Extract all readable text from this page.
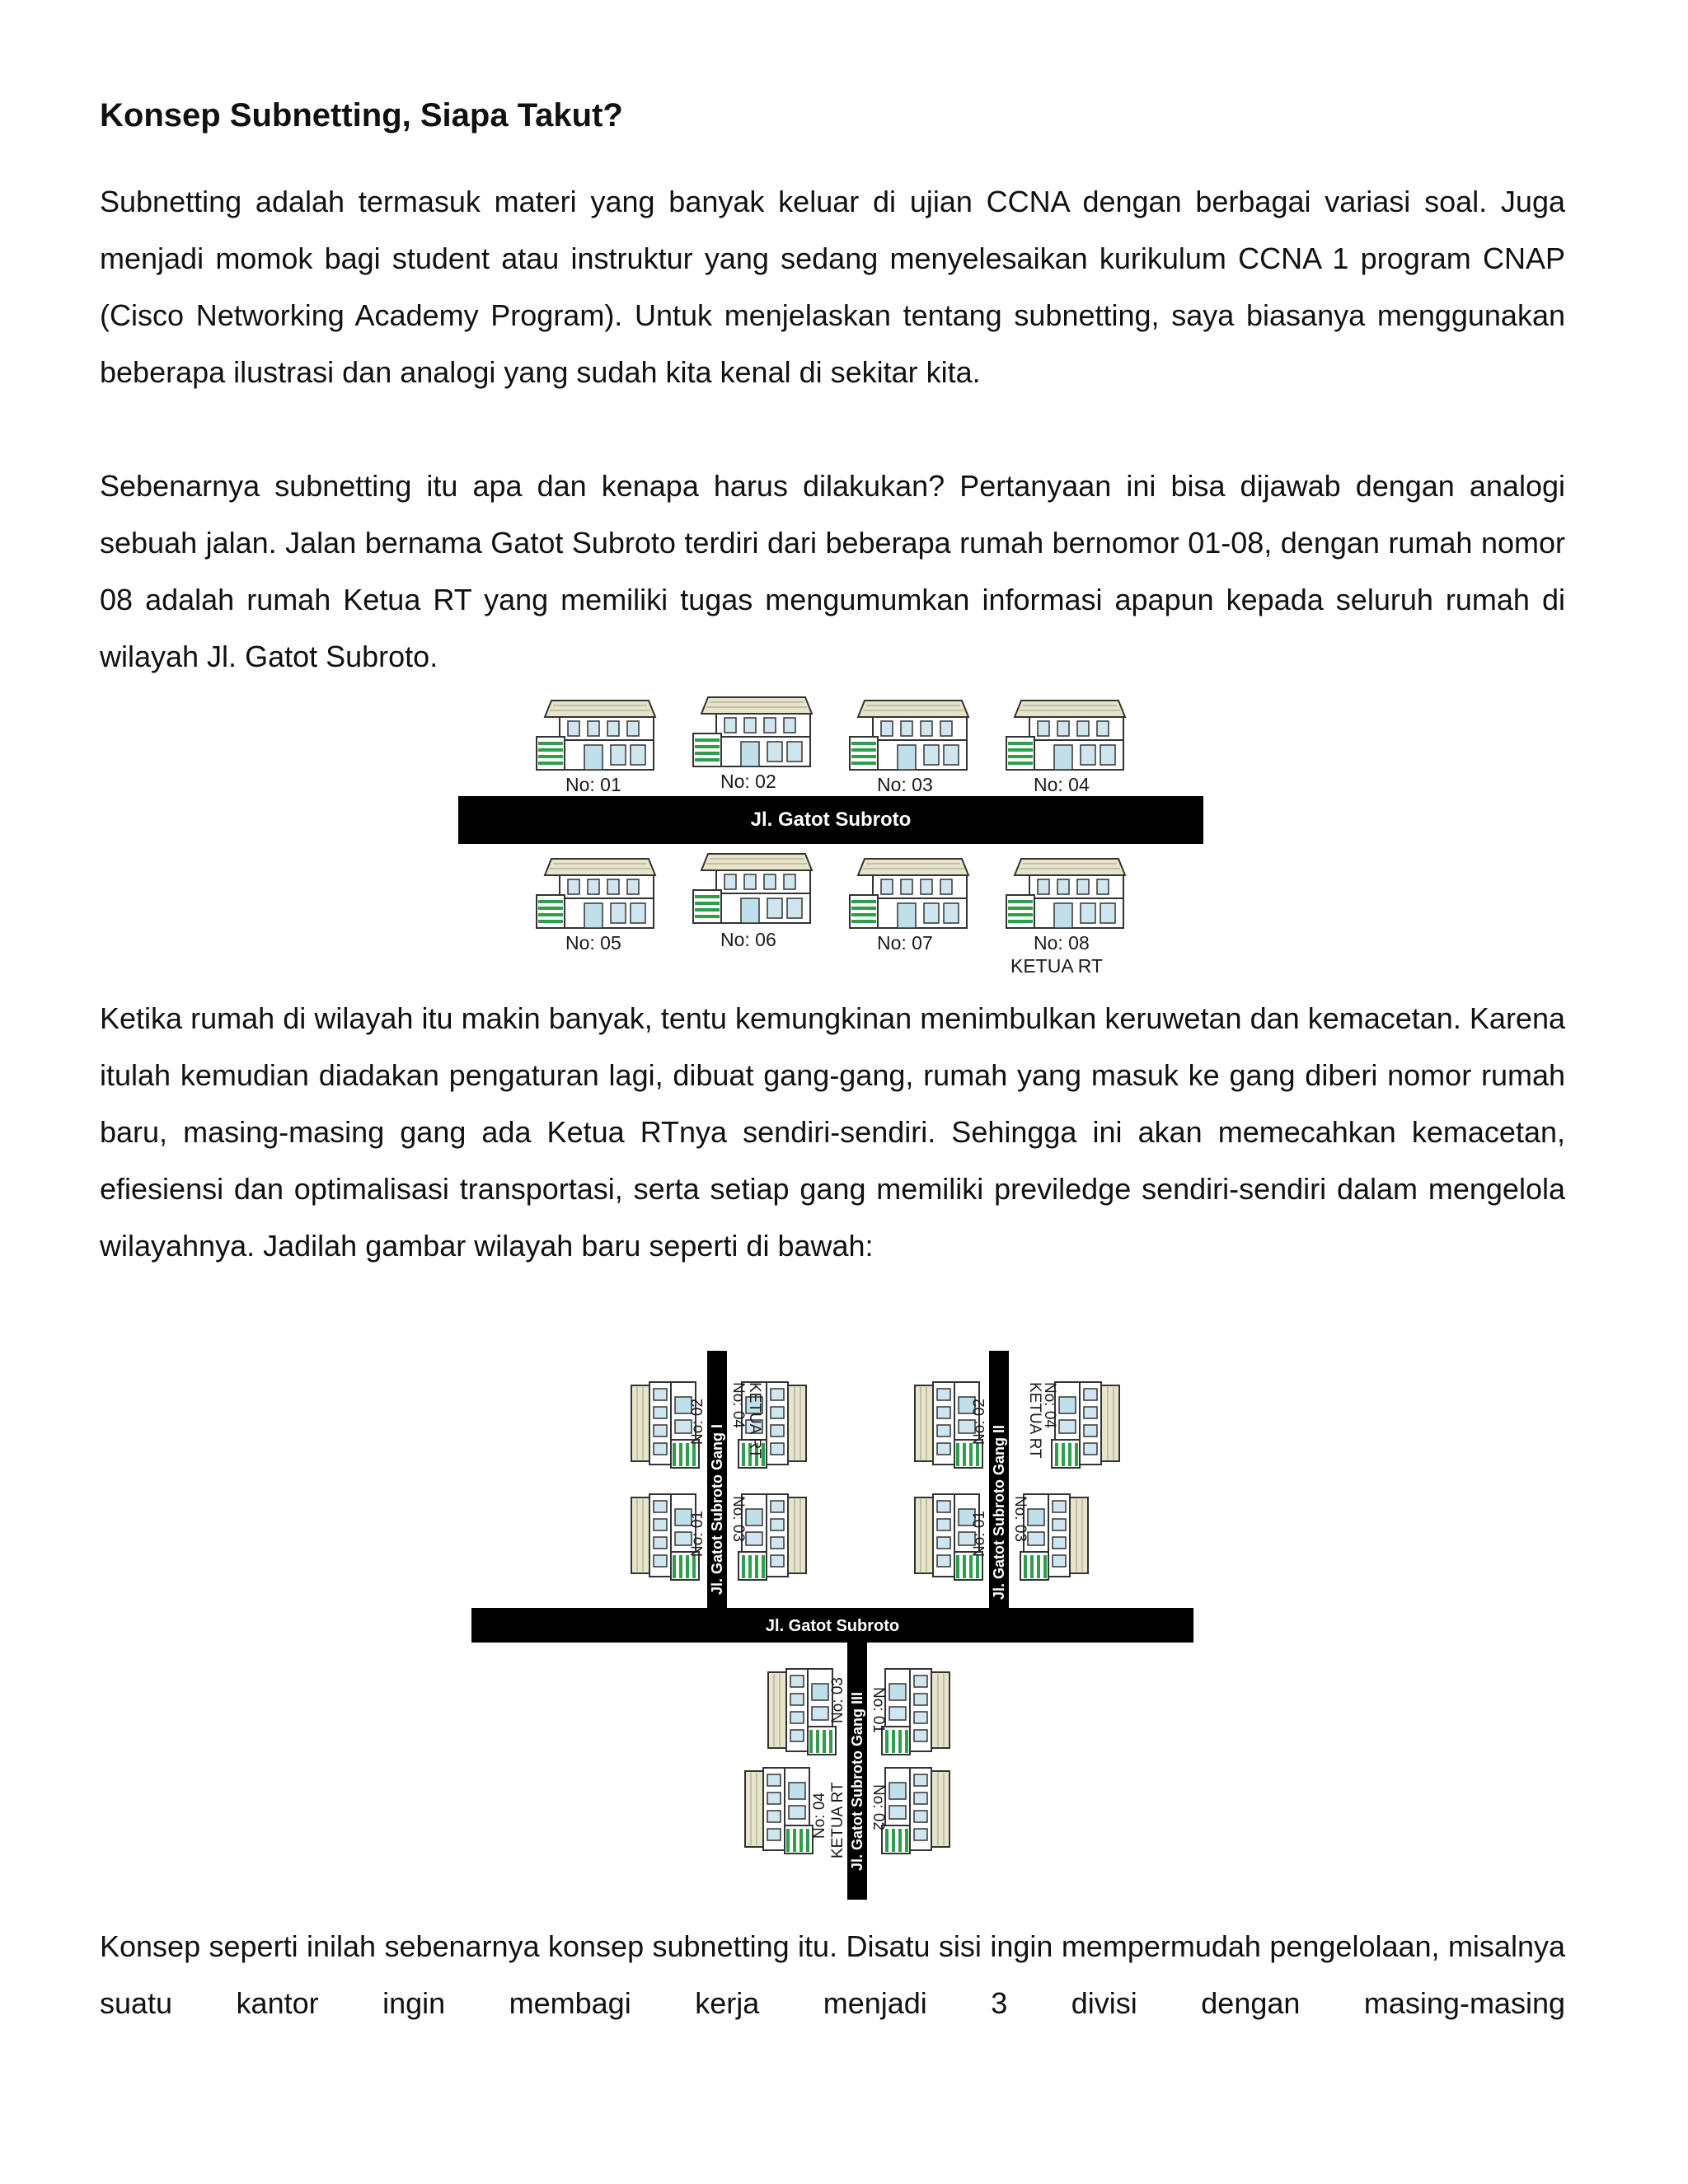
Konsep Subnetting, Siapa Takut?

Subnetting adalah termasuk materi yang banyak keluar di ujian CCNA dengan berbagai variasi soal. Juga menjadi momok bagi student atau instruktur yang sedang menyelesaikan kurikulum CCNA 1 program CNAP (Cisco Networking Academy Program). Untuk menjelaskan tentang subnetting, saya biasanya menggunakan beberapa ilustrasi dan analogi yang sudah kita kenal di sekitar kita.

Sebenarnya subnetting itu apa dan kenapa harus dilakukan? Pertanyaan ini bisa dijawab dengan analogi sebuah jalan. Jalan bernama Gatot Subroto terdiri dari beberapa rumah bernomor 01-08, dengan rumah nomor 08 adalah rumah Ketua RT yang memiliki tugas mengumumkan informasi apapun kepada seluruh rumah di wilayah Jl. Gatot Subroto.

No: 01	No: 02	No: 03	No: 04
Jl. Gatot Subroto
No: 05	No: 06	No: 07	No: 08
KETUA RT

Ketika rumah di wilayah itu makin banyak, tentu kemungkinan menimbulkan keruwetan dan kemacetan. Karena itulah kemudian diadakan pengaturan lagi, dibuat gang-gang, rumah yang masuk ke gang diberi nomor rumah baru, masing-masing gang ada Ketua RTnya sendiri-sendiri. Sehingga ini akan memecahkan kemacetan, efiesiensi dan optimalisasi transportasi, serta setiap gang memiliki previledge sendiri-sendiri dalam mengelola wilayahnya. Jadilah gambar wilayah baru seperti di bawah:

Jl. Gatot Subroto Gang I
No: 02
No: 01
No: 04
No: 03
KETUA RT
Jl. Gatot Subroto Gang II
No: 02
No: 01
KETUA RT
No: 04
No: 03
Jl. Gatot Subroto
Jl. Gatot Subroto Gang III
No: 03
No: 04 KETUA RT
No: 01
No: 02

Konsep seperti inilah sebenarnya konsep subnetting itu. Disatu sisi ingin mempermudah pengelolaan, misalnya suatu kantor ingin membagi kerja menjadi 3 divisi dengan masing-masing
